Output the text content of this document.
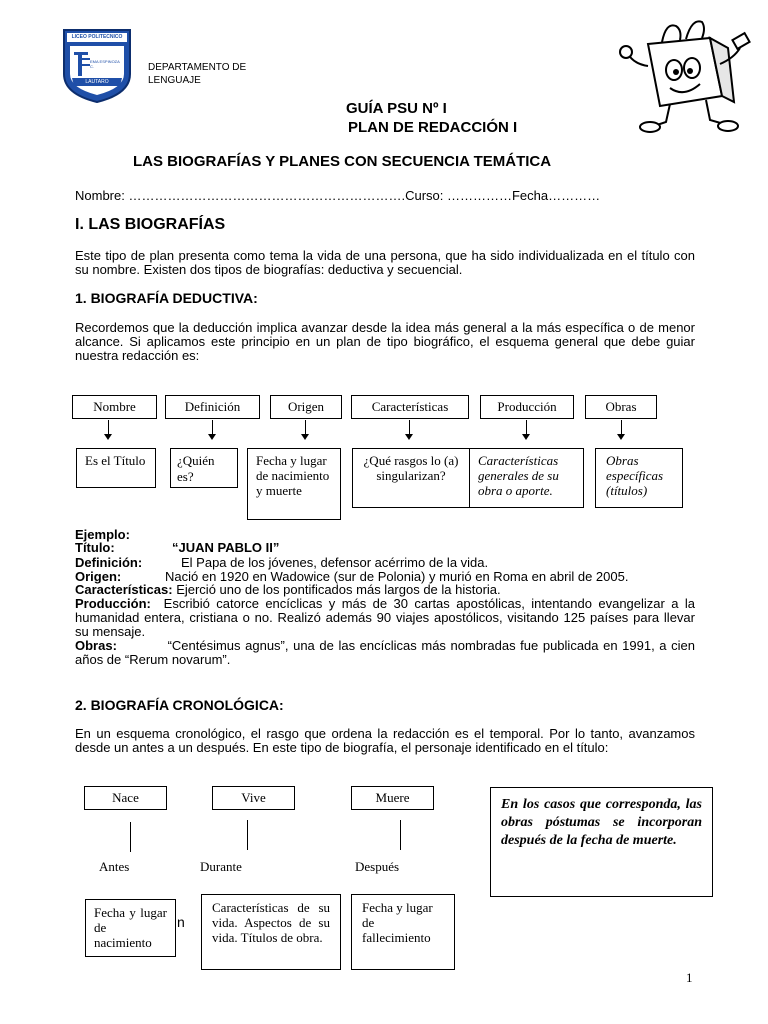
LICEO POLITECNICO
EMA ESPINOZA C.
LAUTARO
DEPARTAMENTO DE
LENGUAJE
GUÍA PSU Nº I
PLAN DE REDACCIÓN I
LAS BIOGRAFÍAS Y PLANES CON SECUENCIA TEMÁTICA
Nombre: ……………………………………………………….Curso: ……………Fecha…………
I. LAS BIOGRAFÍAS
Este tipo de plan presenta como tema la vida de una persona, que ha sido individualizada en el título con su nombre. Existen dos tipos de biografías: deductiva y secuencial.
1. BIOGRAFÍA DEDUCTIVA:
Recordemos que la deducción implica avanzar desde la idea más general a la más específica o de menor alcance. Si aplicamos este principio en un plan de tipo biográfico, el esquema general que debe guiar nuestra redacción es:
Nombre	Definición	Origen	Características	Producción	Obras
Es el Título	¿Quién es?
Fecha y lugar de nacimiento y muerte
¿Qué rasgos lo (a) singularizan?
Características generales de su obra o aporte.
Obras específicas (títulos)
Ejemplo:
Título:	“JUAN PABLO II”
Definición:	El Papa de los jóvenes, defensor acérrimo de la vida.
Origen:	Nació en 1920 en Wadowice (sur de Polonia) y murió en Roma en abril de 2005.
Características: Ejerció uno de los pontificados más largos de la historia.
Producción: Escribió catorce encíclicas y más de 30 cartas apostólicas, intentando evangelizar a la humanidad entera, cristiana o no. Realizó además 90 viajes apostólicos, visitando 125 países para llevar su mensaje.
Obras:	“Centésimus agnus”, una de las encíclicas más nombradas fue publicada en 1991, a cien años de “Rerum novarum”.
2. BIOGRAFÍA CRONOLÓGICA:
En un esquema cronológico, el rasgo que ordena la redacción es el temporal. Por lo tanto, avanzamos desde un antes a un después. En este tipo de biografía, el personaje identificado en el título:
Nace	Vive	Muere
Antes	Durante	Después
Fecha y lugar de nacimiento
n
Características de su vida. Aspectos de su vida. Títulos de obra.
Fecha y lugar de fallecimiento
En los casos que corresponda, las obras póstumas se incorporan después de la fecha de muerte.
1
